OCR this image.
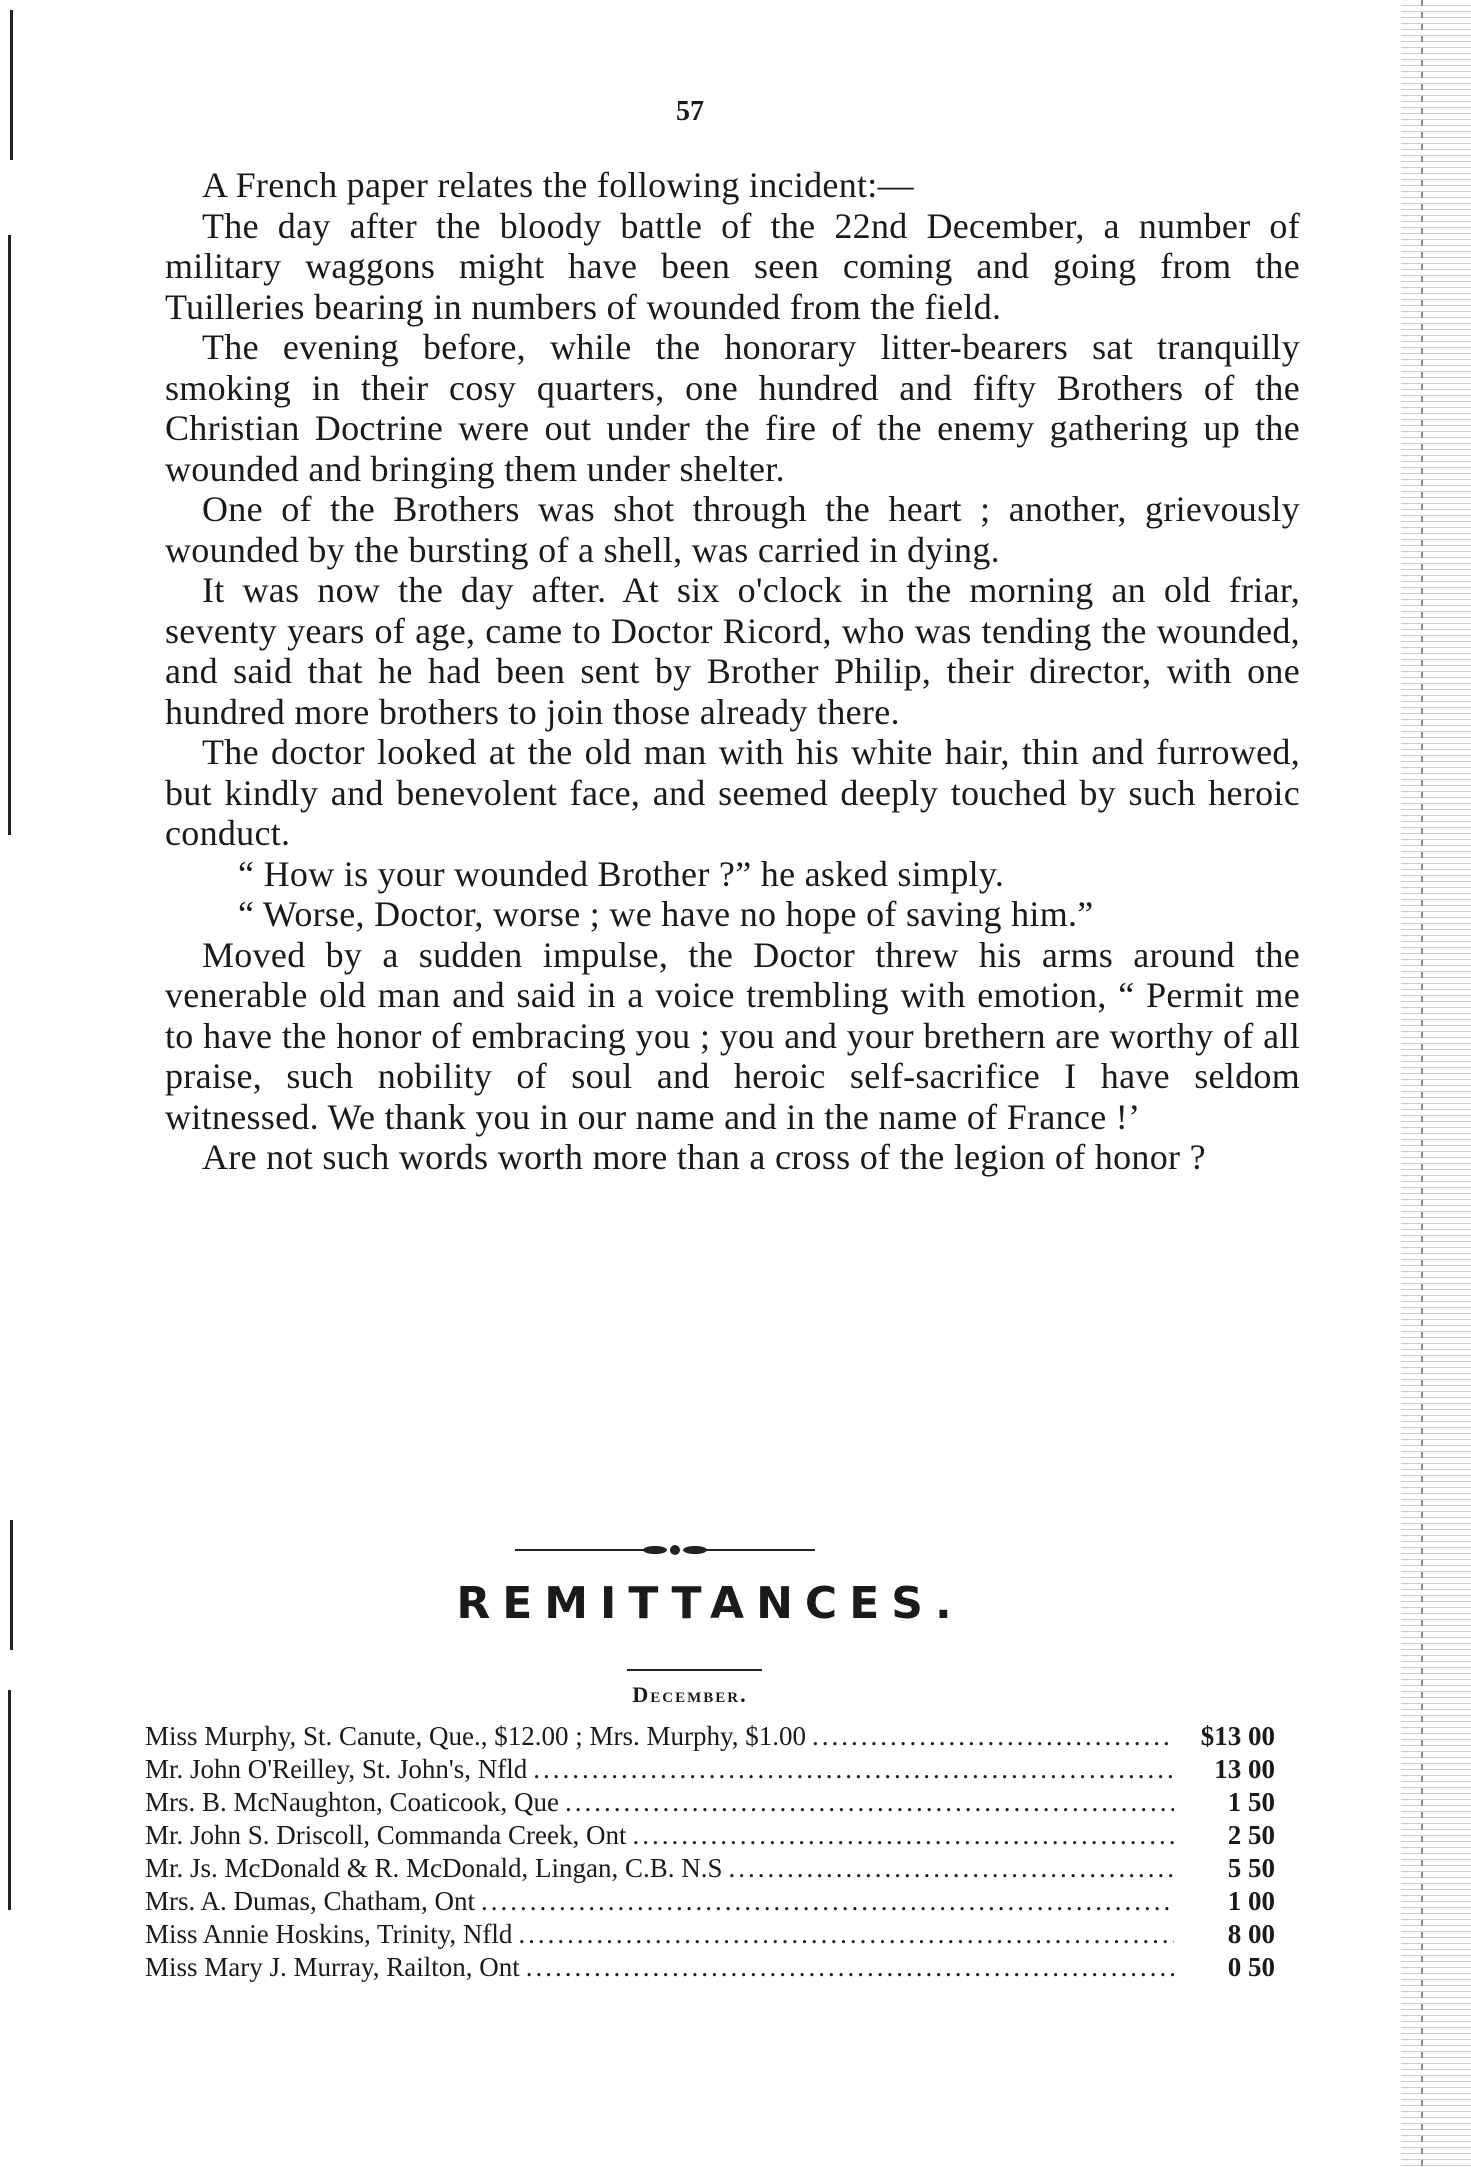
57

A French paper relates the following incident:—

The day after the bloody battle of the 22nd December, a number of military waggons might have been seen coming and going from the Tuilleries bearing in numbers of wounded from the field.

The evening before, while the honorary litter-bearers sat tranquilly smoking in their cosy quarters, one hundred and fifty Brothers of the Christian Doctrine were out under the fire of the enemy gathering up the wounded and bringing them under shelter.

One of the Brothers was shot through the heart ; another, grievously wounded by the bursting of a shell, was carried in dying.

It was now the day after. At six o'clock in the morning an old friar, seventy years of age, came to Doctor Ricord, who was tending the wounded, and said that he had been sent by Brother Philip, their director, with one hundred more brothers to join those already there.

The doctor looked at the old man with his white hair, thin and furrowed, but kindly and benevolent face, and seemed deeply touched by such heroic conduct.

“ How is your wounded Brother ?” he asked simply.

“ Worse, Doctor, worse ; we have no hope of saving him.”

Moved by a sudden impulse, the Doctor threw his arms around the venerable old man and said in a voice trembling with emotion, “ Permit me to have the honor of embracing you ; you and your brethern are worthy of all praise, such nobility of soul and heroic self-sacrifice I have seldom witnessed. We thank you in our name and in the name of France !’

Are not such words worth more than a cross of the legion of honor ?

REMITTANCES.
December.
Miss Murphy, St. Canute, Que., $12.00 ; Mrs. Murphy, $1.00 .....	$13 00
Mr. John O'Reilley, St. John's, Nfld .....	13 00
Mrs. B. McNaughton, Coaticook, Que .....	1 50
Mr. John S. Driscoll, Commanda Creek, Ont .....	2 50
Mr. Js. McDonald & R. McDonald, Lingan, C.B. N.S .....	5 50
Mrs. A. Dumas, Chatham, Ont .....	1 00
Miss Annie Hoskins, Trinity, Nfld .....	8 00
Miss Mary J. Murray, Railton, Ont .....	0 50
